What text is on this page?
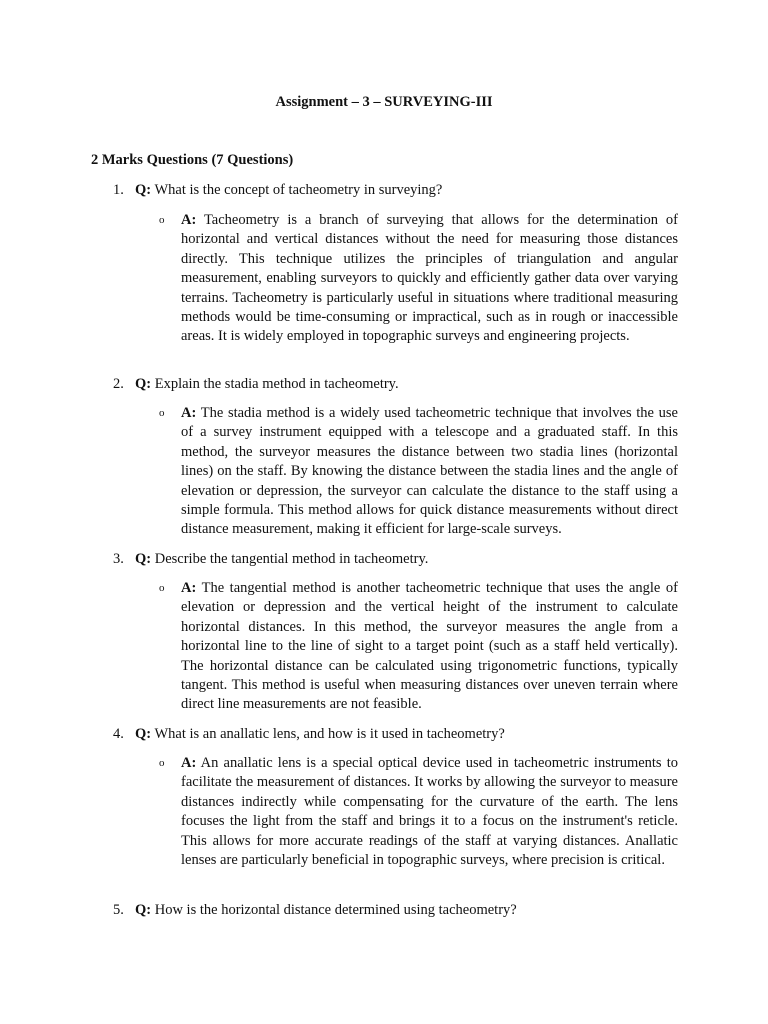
Assignment – 3 – SURVEYING-III
2 Marks Questions (7 Questions)
1. Q: What is the concept of tacheometry in surveying?
o A: Tacheometry is a branch of surveying that allows for the determination of horizontal and vertical distances without the need for measuring those distances directly. This technique utilizes the principles of triangulation and angular measurement, enabling surveyors to quickly and efficiently gather data over varying terrains. Tacheometry is particularly useful in situations where traditional measuring methods would be time-consuming or impractical, such as in rough or inaccessible areas. It is widely employed in topographic surveys and engineering projects.
2. Q: Explain the stadia method in tacheometry.
o A: The stadia method is a widely used tacheometric technique that involves the use of a survey instrument equipped with a telescope and a graduated staff. In this method, the surveyor measures the distance between two stadia lines (horizontal lines) on the staff. By knowing the distance between the stadia lines and the angle of elevation or depression, the surveyor can calculate the distance to the staff using a simple formula. This method allows for quick distance measurements without direct distance measurement, making it efficient for large-scale surveys.
3. Q: Describe the tangential method in tacheometry.
o A: The tangential method is another tacheometric technique that uses the angle of elevation or depression and the vertical height of the instrument to calculate horizontal distances. In this method, the surveyor measures the angle from a horizontal line to the line of sight to a target point (such as a staff held vertically). The horizontal distance can be calculated using trigonometric functions, typically tangent. This method is useful when measuring distances over uneven terrain where direct line measurements are not feasible.
4. Q: What is an anallatic lens, and how is it used in tacheometry?
o A: An anallatic lens is a special optical device used in tacheometric instruments to facilitate the measurement of distances. It works by allowing the surveyor to measure distances indirectly while compensating for the curvature of the earth. The lens focuses the light from the staff and brings it to a focus on the instrument's reticle. This allows for more accurate readings of the staff at varying distances. Anallatic lenses are particularly beneficial in topographic surveys, where precision is critical.
5. Q: How is the horizontal distance determined using tacheometry?
